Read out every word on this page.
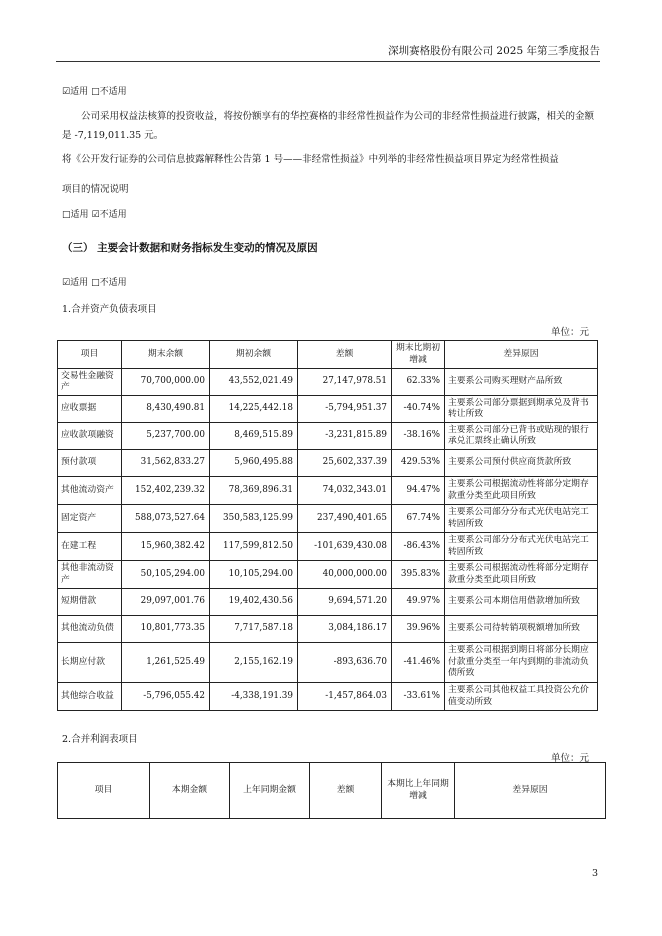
深圳赛格股份有限公司 2025 年第三季度报告
☑适用 □不适用
公司采用权益法核算的投资收益，将按份额享有的华控赛格的非经常性损益作为公司的非经常性损益进行披露，相关的金额是 -7,119,011.35 元。
将《公开发行证券的公司信息披露解释性公告第 1 号——非经常性损益》中列举的非经常性损益项目界定为经常性损益
项目的情况说明
□适用 ☑不适用
（三） 主要会计数据和财务指标发生变动的情况及原因
☑适用 □不适用
1.合并资产负债表项目
单位：元
项目	期末余额	期初余额	差额	期末比期初增减	差异原因
交易性金融资产	70,700,000.00	43,552,021.49	27,147,978.51	62.33%	主要系公司购买理财产品所致
应收票据	8,430,490.81	14,225,442.18	-5,794,951.37	-40.74%	主要系公司部分票据到期承兑及背书转让所致
应收款项融资	5,237,700.00	8,469,515.89	-3,231,815.89	-38.16%	主要系公司部分已背书或贴现的银行承兑汇票终止确认所致
预付款项	31,562,833.27	5,960,495.88	25,602,337.39	429.53%	主要系公司预付供应商货款所致
其他流动资产	152,402,239.32	78,369,896.31	74,032,343.01	94.47%	主要系公司根据流动性将部分定期存款重分类至此项目所致
固定资产	588,073,527.64	350,583,125.99	237,490,401.65	67.74%	主要系公司部分分布式光伏电站完工转固所致
在建工程	15,960,382.42	117,599,812.50	-101,639,430.08	-86.43%	主要系公司部分分布式光伏电站完工转固所致
其他非流动资产	50,105,294.00	10,105,294.00	40,000,000.00	395.83%	主要系公司根据流动性将部分定期存款重分类至此项目所致
短期借款	29,097,001.76	19,402,430.56	9,694,571.20	49.97%	主要系公司本期信用借款增加所致
其他流动负债	10,801,773.35	7,717,587.18	3,084,186.17	39.96%	主要系公司待转销项税额增加所致
长期应付款	1,261,525.49	2,155,162.19	-893,636.70	-41.46%	主要系公司根据到期日将部分长期应付款重分类至一年内到期的非流动负债所致
其他综合收益	-5,796,055.42	-4,338,191.39	-1,457,864.03	-33.61%	主要系公司其他权益工具投资公允价值变动所致
2.合并利润表项目
单位：元
项目	本期金额	上年同期金额	差额	本期比上年同期增减	差异原因
3
